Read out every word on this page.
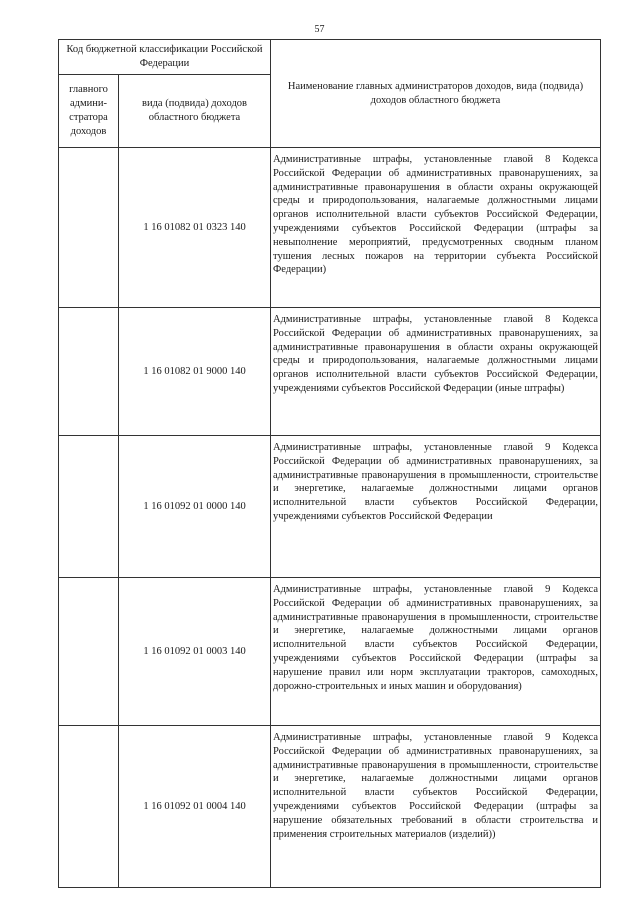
57
Код бюджетной классификации Российской Федерации		Наименование главных администраторов доходов, вида (подвида) доходов областного бюджета
главного админи-стратора доходов	вида (подвида) доходов областного бюджета	
	1 16 01082 01 0323 140	Административные штрафы, установленные главой 8 Кодекса Российской Федерации об административных правонарушениях, за административные правонарушения в области охраны окружающей среды и природопользования, налагаемые должностными лицами органов исполнительной власти субъектов Российской Федерации, учреждениями субъектов Российской Федерации (штрафы за невыполнение мероприятий, предусмотренных сводным планом тушения лесных пожаров на территории субъекта Российской Федерации)
	1 16 01082 01 9000 140	Административные штрафы, установленные главой 8 Кодекса Российской Федерации об административных правонарушениях, за административные правонарушения в области охраны окружающей среды и природопользования, налагаемые должностными лицами органов исполнительной власти субъектов Российской Федерации, учреждениями субъектов Российской Федерации (иные штрафы)
	1 16 01092 01 0000 140	Административные штрафы, установленные главой 9 Кодекса Российской Федерации об административных правонарушениях, за административные правонарушения в промышленности, строительстве и энергетике, налагаемые должностными лицами органов исполнительной власти субъектов Российской Федерации, учреждениями субъектов Российской Федерации
	1 16 01092 01 0003 140	Административные штрафы, установленные главой 9 Кодекса Российской Федерации об административных правонарушениях, за административные правонарушения в промышленности, строительстве и энергетике, налагаемые должностными лицами органов исполнительной власти субъектов Российской Федерации, учреждениями субъектов Российской Федерации (штрафы за нарушение правил или норм эксплуатации тракторов, самоходных, дорожно-строительных и иных машин и оборудования)
	1 16 01092 01 0004 140	Административные штрафы, установленные главой 9 Кодекса Российской Федерации об административных правонарушениях, за административные правонарушения в промышленности, строительстве и энергетике, налагаемые должностными лицами органов исполнительной власти субъектов Российской Федерации, учреждениями субъектов Российской Федерации (штрафы за нарушение обязательных требований в области строительства и применения строительных материалов (изделий))
